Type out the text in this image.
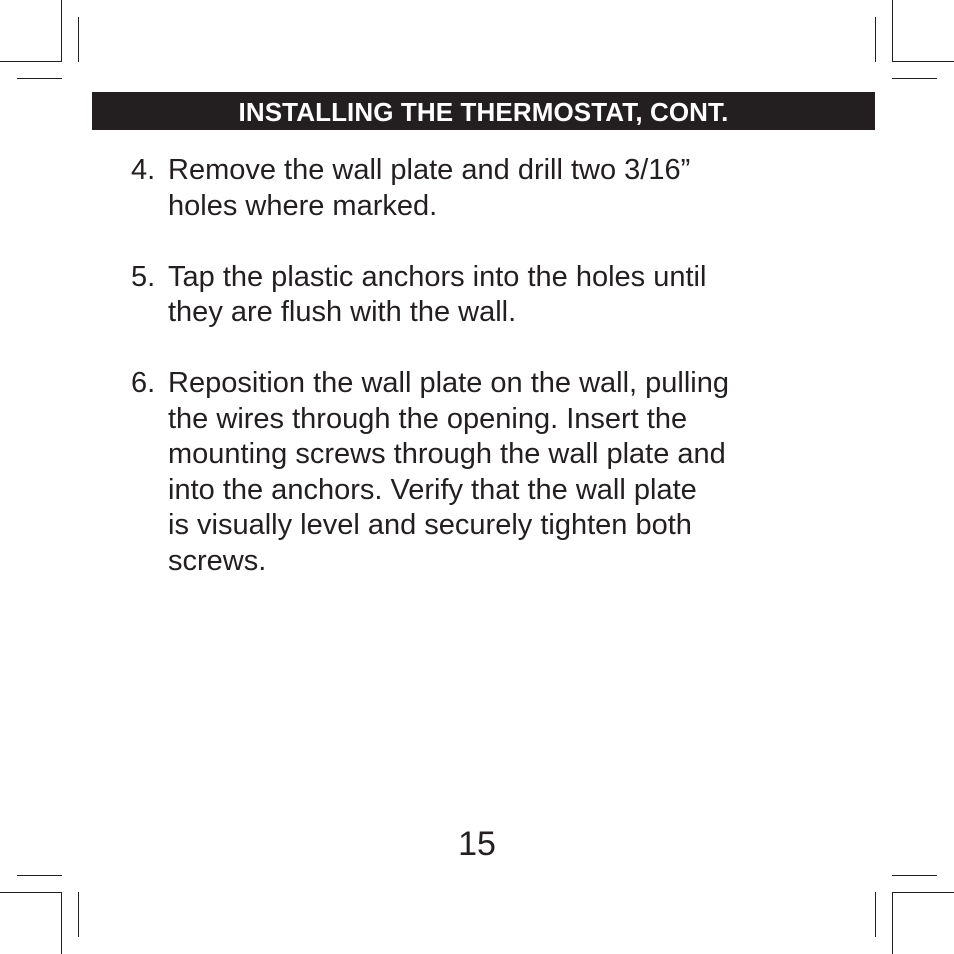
INSTALLING THE THERMOSTAT, CONT.
4. Remove the wall plate and drill two 3/16”
holes where marked.
5. Tap the plastic anchors into the holes until
they are flush with the wall.
6. Reposition the wall plate on the wall, pulling
the wires through the opening. Insert the
mounting screws through the wall plate and
into the anchors. Verify that the wall plate
is visually level and securely tighten both
screws.
15
